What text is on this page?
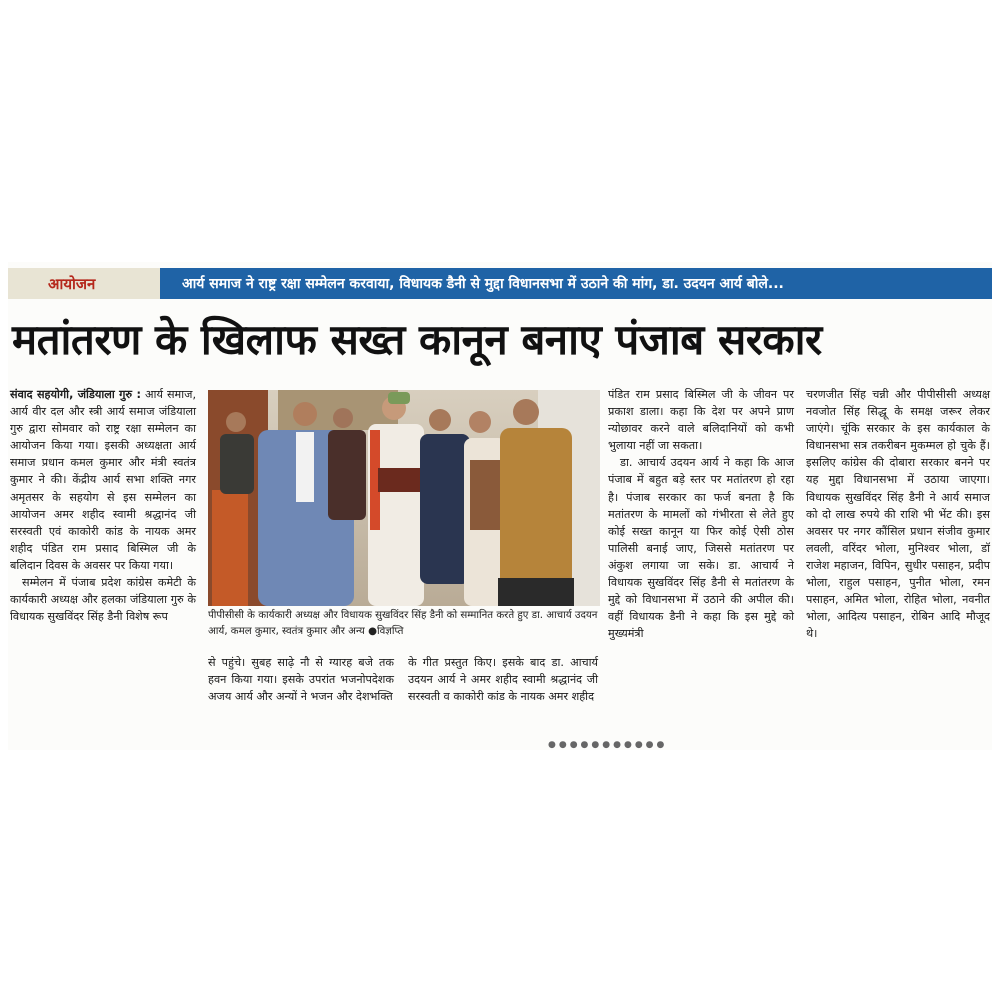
आयोजन	आर्य समाज ने राष्ट्र रक्षा सम्मेलन करवाया, विधायक डैनी से मुद्दा विधानसभा में उठाने की मांग, डा. उदयन आर्य बोले...
मतांतरण के खिलाफ सख्त कानून बनाए पंजाब सरकार

संवाद सहयोगी, जंडियाला गुरु : आर्य समाज, आर्य वीर दल और स्त्री आर्य समाज जंडियाला गुरु द्वारा सोमवार को राष्ट्र रक्षा सम्मेलन का आयोजन किया गया। इसकी अध्यक्षता आर्य समाज प्रधान कमल कुमार और मंत्री स्वतंत्र कुमार ने की। केंद्रीय आर्य सभा शक्ति नगर अमृतसर के सहयोग से इस सम्मेलन का आयोजन अमर शहीद स्वामी श्रद्धानंद जी सरस्वती एवं काकोरी कांड के नायक अमर शहीद पंडित राम प्रसाद बिस्मिल जी के बलिदान दिवस के अवसर पर किया गया।

सम्मेलन में पंजाब प्रदेश कांग्रेस कमेटी के कार्यकारी अध्यक्ष और हलका जंडियाला गुरु के विधायक सुखविंदर सिंह डैनी विशेष रूप	पीपीसीसी के कार्यकारी अध्यक्ष और विधायक सुखविंदर सिंह डैनी को सम्मानित करते हुए डा. आचार्य उदयन आर्य, कमल कुमार, स्वतंत्र कुमार और अन्य ●विज्ञप्ति

से पहुंचे। सुबह साढ़े नौ से ग्यारह बजे तक हवन किया गया। इसके उपरांत भजनोपदेशक अजय आर्य और अन्यों ने भजन और देशभक्ति

के गीत प्रस्तुत किए। इसके बाद डा. आचार्य उदयन आर्य ने अमर शहीद स्वामी श्रद्धानंद जी सरस्वती व काकोरी कांड के नायक अमर शहीद

पंडित राम प्रसाद बिस्मिल जी के जीवन पर प्रकाश डाला। कहा कि देश पर अपने प्राण न्योछावर करने वाले बलिदानियों को कभी भुलाया नहीं जा सकता।

डा. आचार्य उदयन आर्य ने कहा कि आज पंजाब में बहुत बड़े स्तर पर मतांतरण हो रहा है। पंजाब सरकार का फर्ज बनता है कि मतांतरण के मामलों को गंभीरता से लेते हुए कोई सख्त कानून या फिर कोई ऐसी ठोस पालिसी बनाई जाए, जिससे मतांतरण पर अंकुश लगाया जा सके। डा. आचार्य ने विधायक सुखविंदर सिंह डैनी से मतांतरण के मुद्दे को विधानसभा में उठाने की अपील की। वहीं विधायक डैनी ने कहा कि इस मुद्दे को मुख्यमंत्री

चरणजीत सिंह चन्नी और पीपीसीसी अध्यक्ष नवजोत सिंह सिद्धू के समक्ष जरूर लेकर जाएंगे। चूंकि सरकार के इस कार्यकाल के विधानसभा सत्र तकरीबन मुकम्मल हो चुके हैं। इसलिए कांग्रेस की दोबारा सरकार बनने पर यह मुद्दा विधानसभा में उठाया जाएगा। विधायक सुखविंदर सिंह डैनी ने आर्य समाज को दो लाख रुपये की राशि भी भेंट की। इस अवसर पर नगर कौंसिल प्रधान संजीव कुमार लवली, वरिंदर भोला, मुनिश्वर भोला, डॉ राजेश महाजन, विपिन, सुधीर पसाहन, प्रदीप भोला, राहुल पसाहन, पुनीत भोला, रमन पसाहन, अमित भोला, रोहित भोला, नवनीत भोला, आदित्य पसाहन, रोबिन आदि मौजूद थे।

●●●●●●●●●●●
